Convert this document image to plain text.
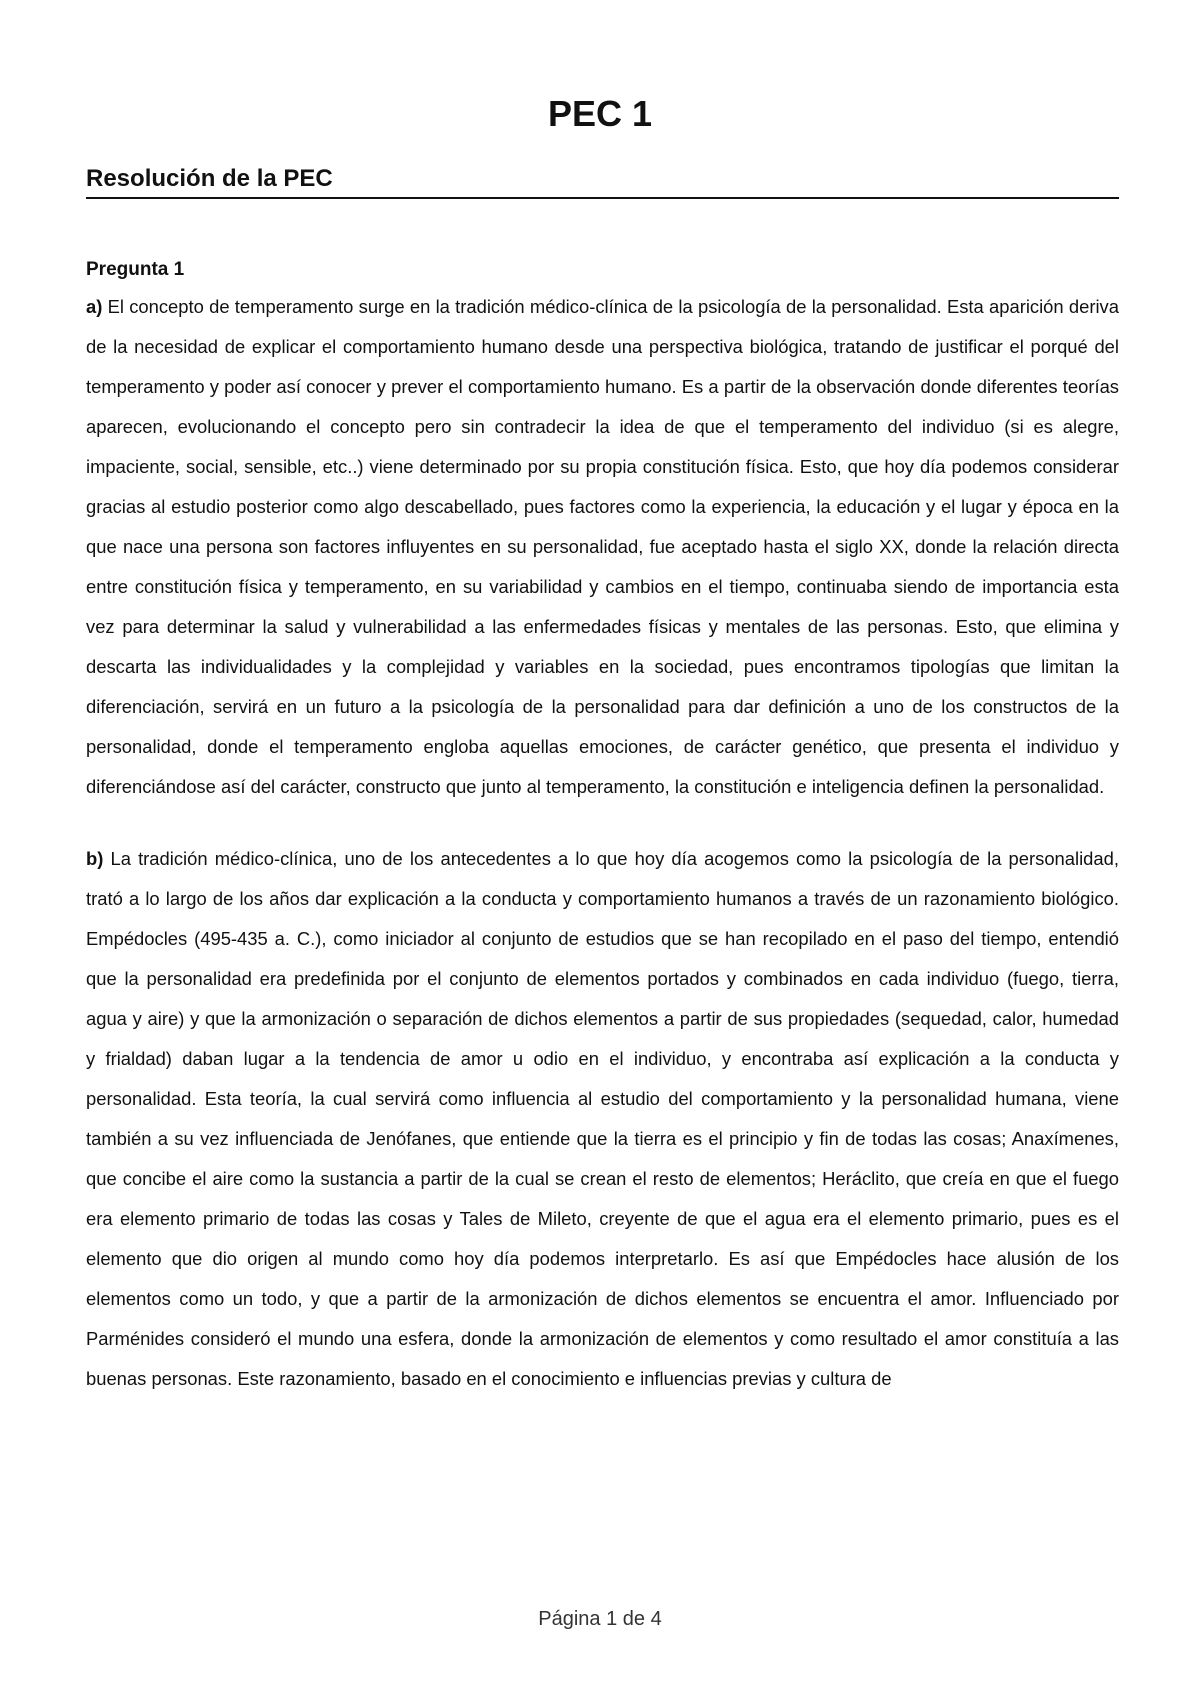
PEC 1
Resolución de la PEC
Pregunta 1

a) El concepto de temperamento surge en la tradición médico-clínica de la psicología de la personalidad. Esta aparición deriva de la necesidad de explicar el comportamiento humano desde una perspectiva biológica, tratando de justificar el porqué del temperamento y poder así conocer y prever el comportamiento humano. Es a partir de la observación donde diferentes teorías aparecen, evolucionando el concepto pero sin contradecir la idea de que el temperamento del individuo (si es alegre, impaciente, social, sensible, etc..) viene determinado por su propia constitución física. Esto, que hoy día podemos considerar gracias al estudio posterior como algo descabellado, pues factores como la experiencia, la educación y el lugar y época en la que nace una persona son factores influyentes en su personalidad, fue aceptado hasta el siglo XX, donde la relación directa entre constitución física y temperamento, en su variabilidad y cambios en el tiempo, continuaba siendo de importancia esta vez para determinar la salud y vulnerabilidad a las enfermedades físicas y mentales de las personas. Esto, que elimina y descarta las individualidades y la complejidad y variables en la sociedad, pues encontramos tipologías que limitan la diferenciación, servirá en un futuro a la psicología de la personalidad para dar definición a uno de los constructos de la personalidad, donde el temperamento engloba aquellas emociones, de carácter genético, que presenta el individuo y diferenciándose así del carácter, constructo que junto al temperamento, la constitución e inteligencia definen la personalidad.

b) La tradición médico-clínica, uno de los antecedentes a lo que hoy día acogemos como la psicología de la personalidad, trató a lo largo de los años dar explicación a la conducta y comportamiento humanos a través de un razonamiento biológico. Empédocles (495-435 a. C.), como iniciador al conjunto de estudios que se han recopilado en el paso del tiempo, entendió que la personalidad era predefinida por el conjunto de elementos portados y combinados en cada individuo (fuego, tierra, agua y aire) y que la armonización o separación de dichos elementos a partir de sus propiedades (sequedad, calor, humedad y frialdad) daban lugar a la tendencia de amor u odio en el individuo, y encontraba así explicación a la conducta y personalidad. Esta teoría, la cual servirá como influencia al estudio del comportamiento y la personalidad humana, viene también a su vez influenciada de Jenófanes, que entiende que la tierra es el principio y fin de todas las cosas; Anaxímenes, que concibe el aire como la sustancia a partir de la cual se crean el resto de elementos; Heráclito, que creía en que el fuego era elemento primario de todas las cosas y Tales de Mileto, creyente de que el agua era el elemento primario, pues es el elemento que dio origen al mundo como hoy día podemos interpretarlo. Es así que Empédocles hace alusión de los elementos como un todo, y que a partir de la armonización de dichos elementos se encuentra el amor. Influenciado por Parménides consideró el mundo una esfera, donde la armonización de elementos y como resultado el amor constituía a las buenas personas. Este razonamiento, basado en el conocimiento e influencias previas y cultura de

Página 1 de 4
